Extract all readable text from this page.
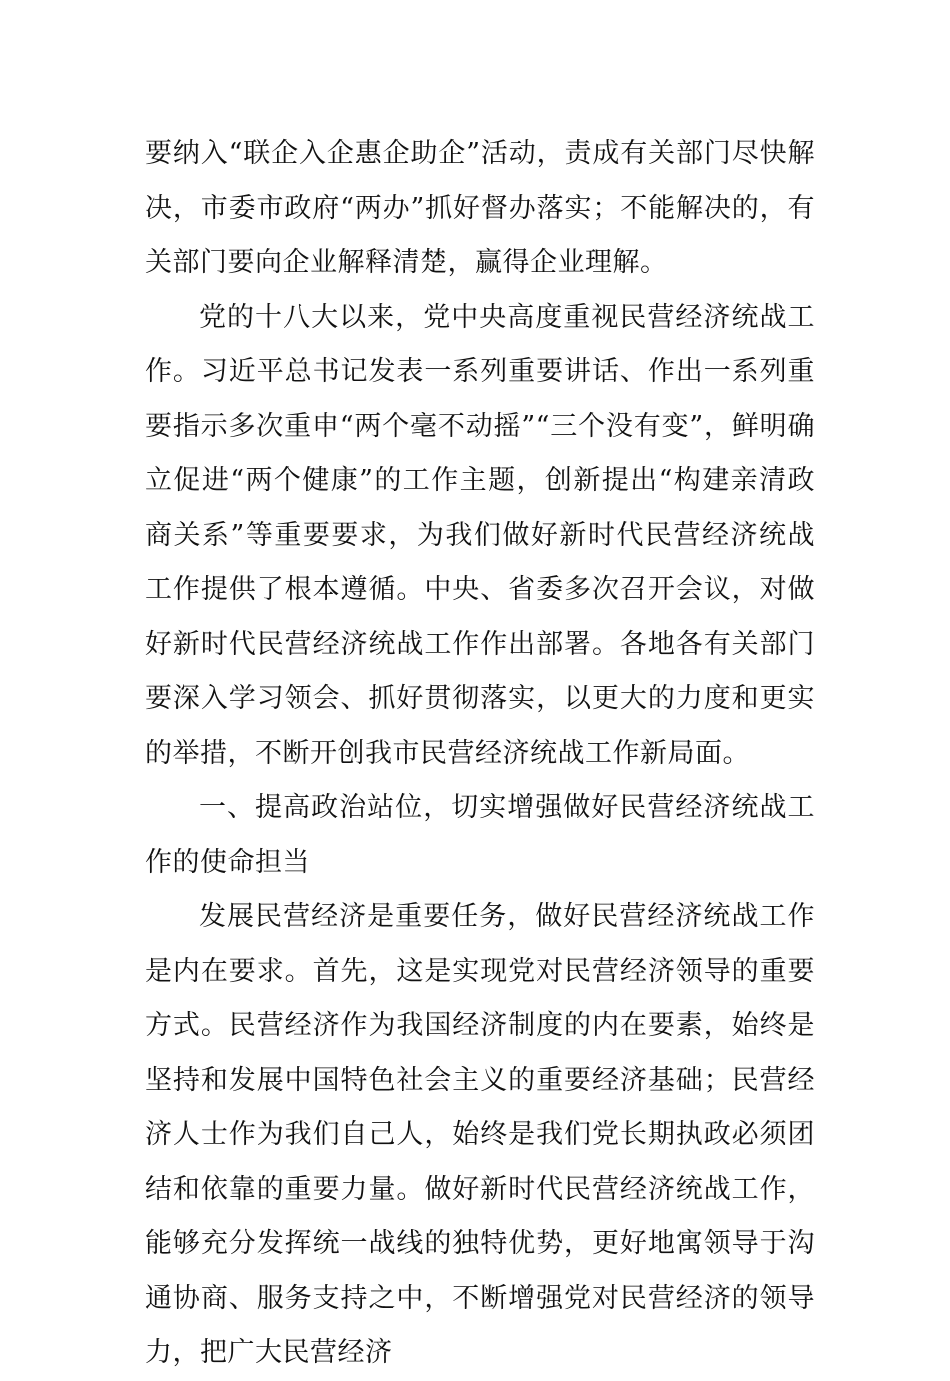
要纳入“联企入企惠企助企”活动，责成有关部门尽快解决，市委市政府“两办”抓好督办落实；不能解决的，有关部门要向企业解释清楚，赢得企业理解。

党的十八大以来，党中央高度重视民营经济统战工作。习近平总书记发表一系列重要讲话、作出一系列重要指示多次重申“两个毫不动摇”“三个没有变”，鲜明确立促进“两个健康”的工作主题，创新提出“构建亲清政商关系”等重要要求，为我们做好新时代民营经济统战工作提供了根本遵循。中央、省委多次召开会议，对做好新时代民营经济统战工作作出部署。各地各有关部门要深入学习领会、抓好贯彻落实，以更大的力度和更实的举措，不断开创我市民营经济统战工作新局面。

一、提高政治站位，切实增强做好民营经济统战工作的使命担当

发展民营经济是重要任务，做好民营经济统战工作是内在要求。首先，这是实现党对民营经济领导的重要方式。民营经济作为我国经济制度的内在要素，始终是坚持和发展中国特色社会主义的重要经济基础；民营经济人士作为我们自己人，始终是我们党长期执政必须团结和依靠的重要力量。做好新时代民营经济统战工作，能够充分发挥统一战线的独特优势，更好地寓领导于沟通协商、服务支持之中，不断增强党对民营经济的领导力，把广大民营经济
